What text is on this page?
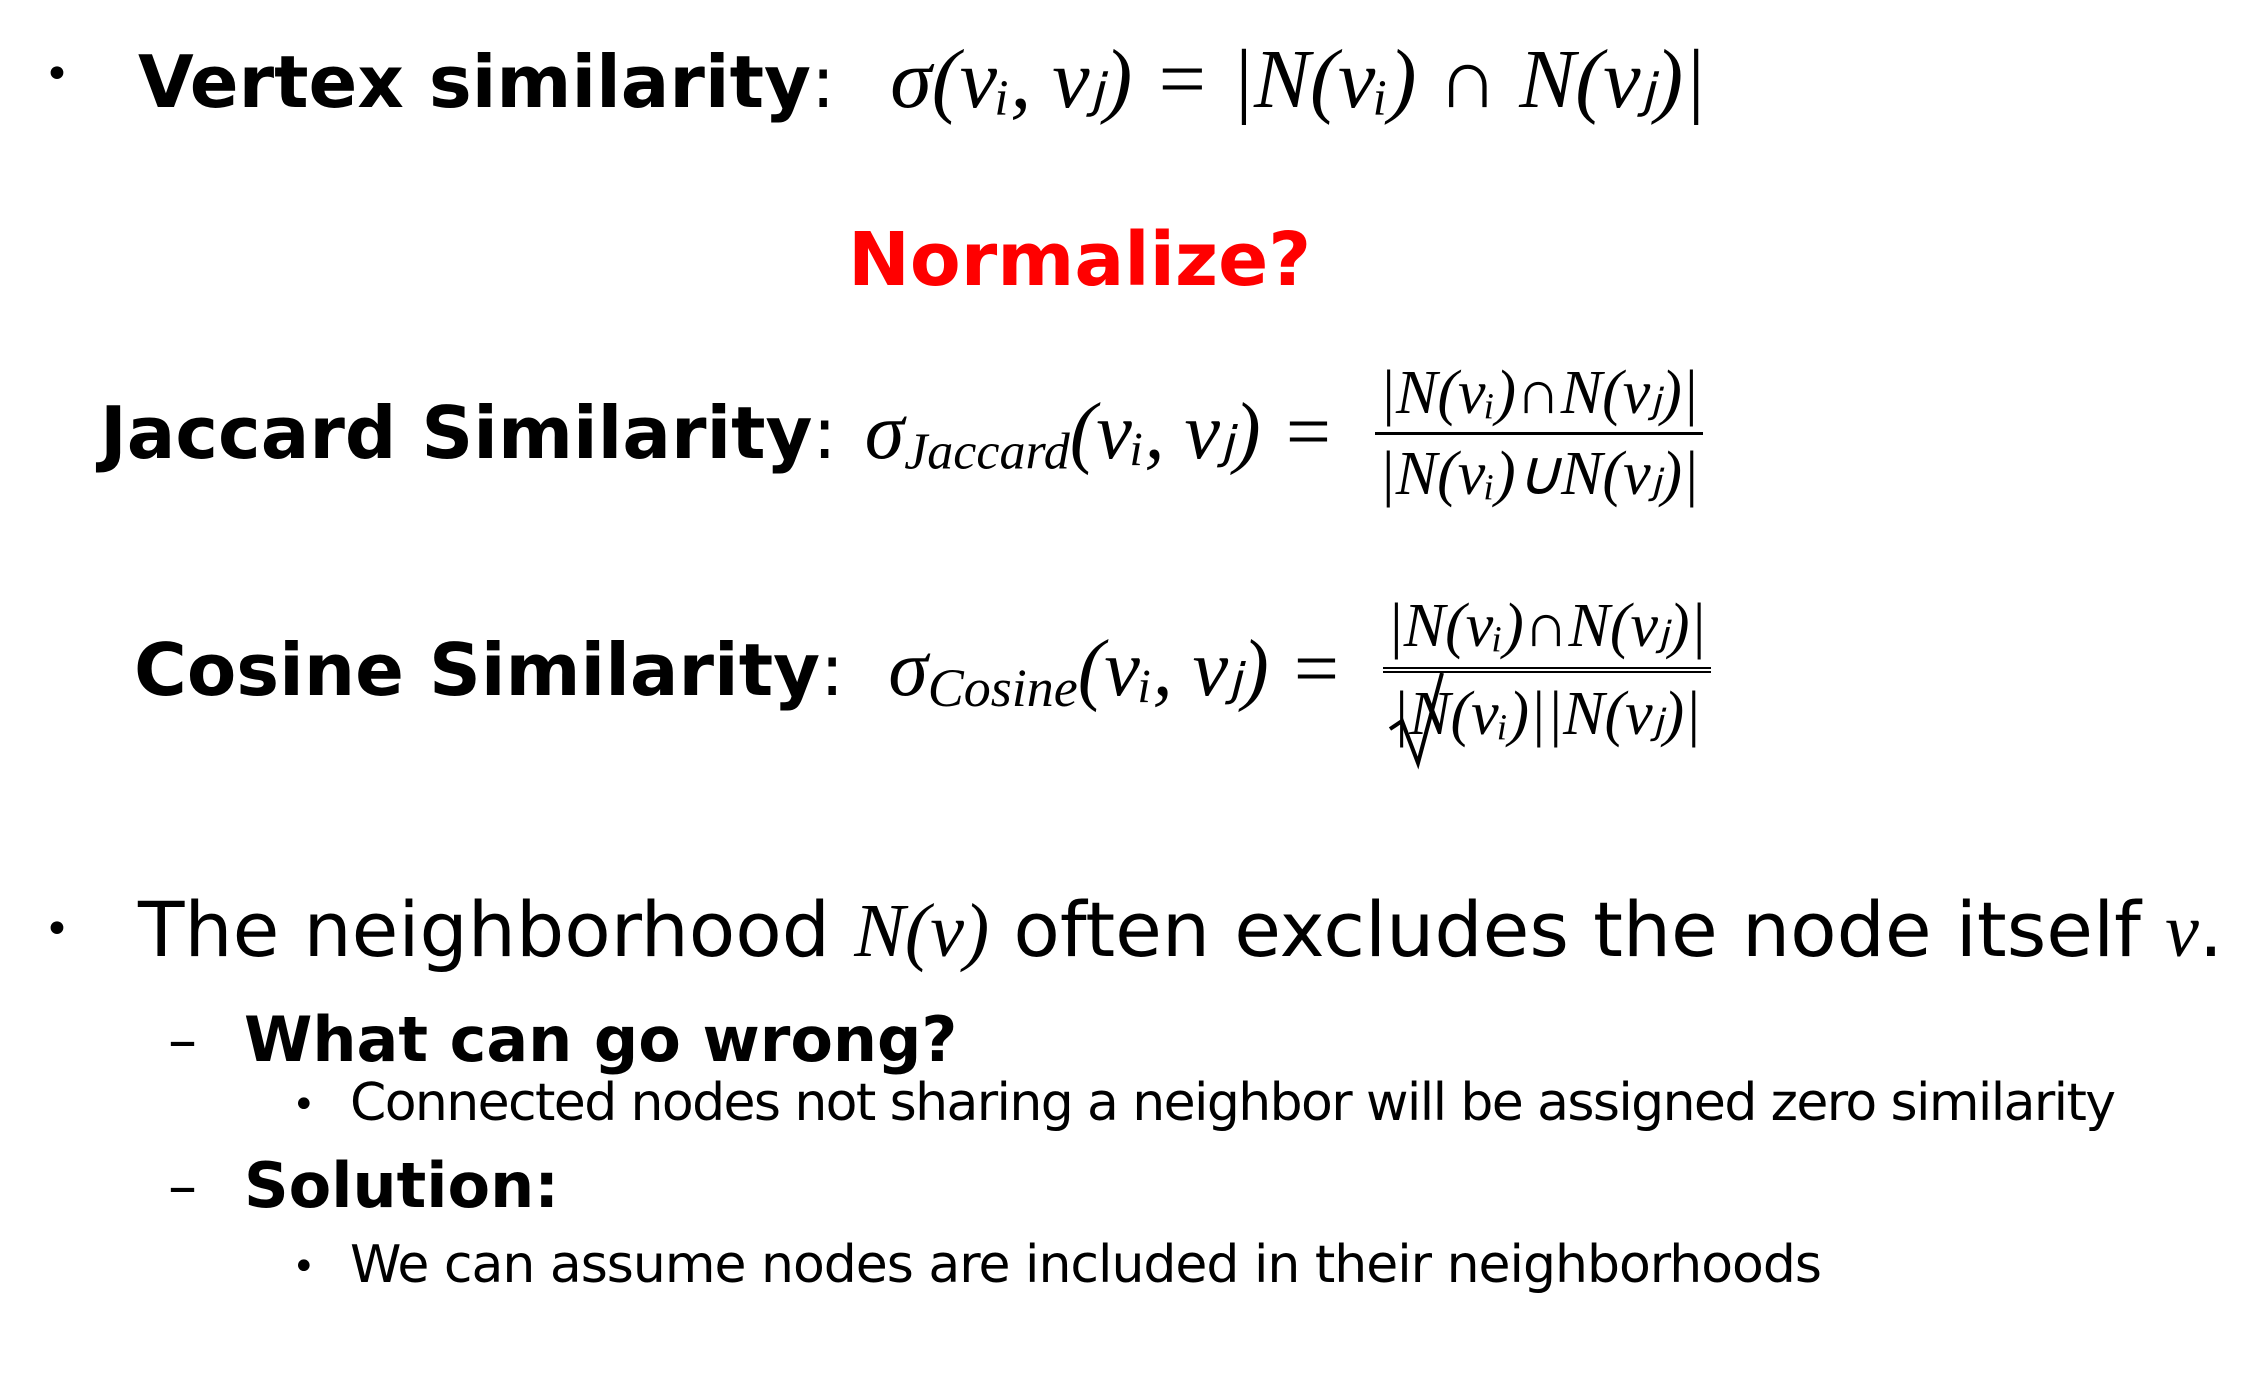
• Vertex similarity: σ(vᵢ, vⱼ) = |N(vᵢ) ∩ N(vⱼ)|
Normalize?
Jaccard Similarity : σJaccard(vᵢ, vⱼ) = $\frac{\text{|N(vᵢ)∩N(vⱼ)|}}{\text{|N(vᵢ)∪N(vⱼ)|}}$
Cosine Similarity : σCosine(vᵢ, vⱼ) = |N(vᵢ)∩N(vⱼ)|
|N(vᵢ)||N(vⱼ)|
• The neighborhood N(v) often excludes the node itself v.
– What can go wrong?
• Connected nodes not sharing a neighbor will be assigned zero similarity
– Solution:
• We can assume nodes are included in their neighborhoods
